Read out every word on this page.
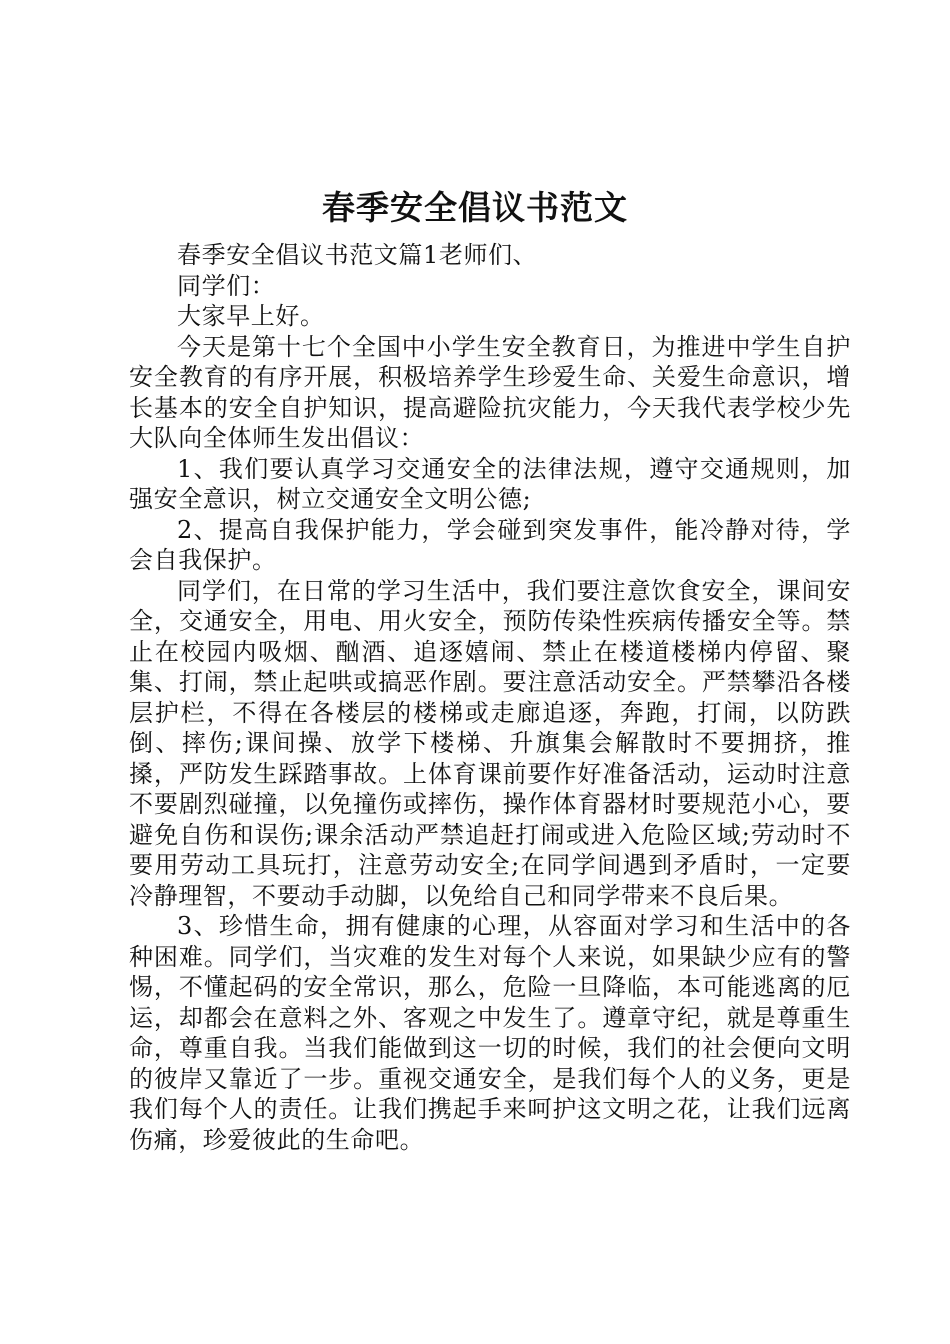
春季安全倡议书范文

春季安全倡议书范文篇1老师们、

同学们：

大家早上好。

今天是第十七个全国中小学生安全教育日，为推进中学生自护安全教育的有序开展，积极培养学生珍爱生命、关爱生命意识，增长基本的安全自护知识，提高避险抗灾能力，今天我代表学校少先大队向全体师生发出倡议：

1、我们要认真学习交通安全的法律法规，遵守交通规则，加强安全意识，树立交通安全文明公德;

2、提高自我保护能力，学会碰到突发事件，能冷静对待，学会自我保护。

同学们，在日常的学习生活中，我们要注意饮食安全，课间安全，交通安全，用电、用火安全，预防传染性疾病传播安全等。禁止在校园内吸烟、酗酒、追逐嬉闹、禁止在楼道楼梯内停留、聚集、打闹，禁止起哄或搞恶作剧。要注意活动安全。严禁攀沿各楼层护栏，不得在各楼层的楼梯或走廊追逐，奔跑，打闹，以防跌倒、摔伤;课间操、放学下楼梯、升旗集会解散时不要拥挤，推搡，严防发生踩踏事故。上体育课前要作好准备活动，运动时注意不要剧烈碰撞，以免撞伤或摔伤，操作体育器材时要规范小心，要避免自伤和误伤;课余活动严禁追赶打闹或进入危险区域;劳动时不要用劳动工具玩打，注意劳动安全;在同学间遇到矛盾时，一定要冷静理智，不要动手动脚，以免给自己和同学带来不良后果。

3、珍惜生命，拥有健康的心理，从容面对学习和生活中的各种困难。同学们，当灾难的发生对每个人来说，如果缺少应有的警惕，不懂起码的安全常识，那么，危险一旦降临，本可能逃离的厄运，却都会在意料之外、客观之中发生了。遵章守纪，就是尊重生命，尊重自我。当我们能做到这一切的时候，我们的社会便向文明的彼岸又靠近了一步。重视交通安全，是我们每个人的义务，更是我们每个人的责任。让我们携起手来呵护这文明之花，让我们远离伤痛，珍爱彼此的生命吧。
